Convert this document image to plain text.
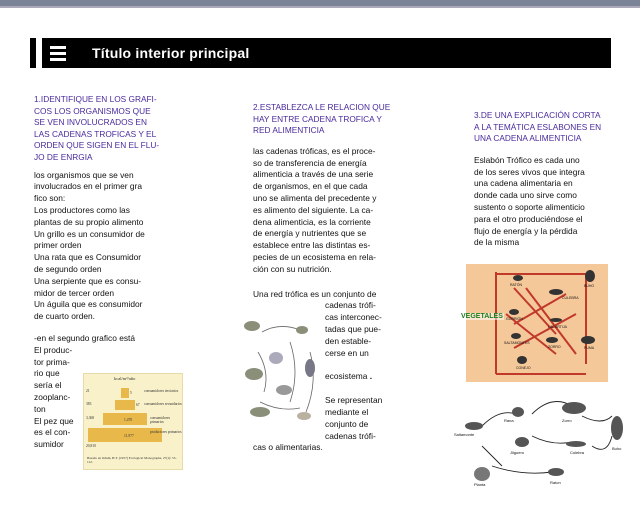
Título interior principal
1.IDENTIFIQUE EN LOS GRAFI-
COS LOS ORGANISMOS QUE
SE VEN INVOLUCRADOS EN
LAS CADENAS TROFICAS Y EL
ORDEN QUE SIGEN EN EL FLU-
JO DE ENRGIA
los organismos que se ven
involucrados en el primer gra
fico son:
Los productores como las
plantas de su propio alimento
Un grillo es un consumidor de
primer orden
Una rata que es Consumidor
de segundo orden
Una serpiente que es consu-
midor de tercer orden
Un águila que es consumidor
de cuarto orden.
-en el segundo grafico está
El produc-
tor prima-
rio que
sería el
zooplanc-
ton
El pez que
es el con-
sumidor
kcal/m²/año
21
383
3,368
20,810
5
67
1,478
11,977
consumidores terciarios
consumidores secundarios
consumidores primarios
productores primarios
Basado en Odum, H.T. (1957) Ecological Monographs, 27(1): 55-112.
2.ESTABLEZCA LE RELACION QUE
HAY ENTRE CADENA TROFICA Y
RED ALIMENTICIA
las cadenas tróficas, es el proce-
so de transferencia de energía
alimenticia a través de una serie
de organismos, en el que cada
uno se alimenta del precedente y
es alimento del siguiente. La ca-
dena alimenticia, es la corriente
de energía y nutrientes que se
establece entre las distintas es-
pecies de un ecosistema en rela-
ción con su nutrición.
Una red trófica es un conjunto de
cadenas trófi-
cas interconec-
tadas que pue-
den estable-
cerse en un
ecosistema .
Se representan
mediante el
conjunto de
cadenas trófi-
cas o alimentarias.
3.DE UNA EXPLICACIÓN CORTA
A LA TEMÁTICA ESLABONES EN
UNA CADENA ALIMENTICIA
Eslabón Trófico es cada uno
de los seres vivos que integra
una cadena alimentaria en
donde cada uno sirve como
sustento o soporte alimenticio
para el otro produciéndose el
flujo de energía y la pérdida
de la misma
VEGETALES
RATÓN	BÚHO
CULEBRA
GORRIÓN
LAGARTIJA
SALTAMONTES
ZORRO	PUMA
CONEJO
Saltamonte
Rana	Zorro
Jilguero
Buho
Culebra
Planta	Raton
